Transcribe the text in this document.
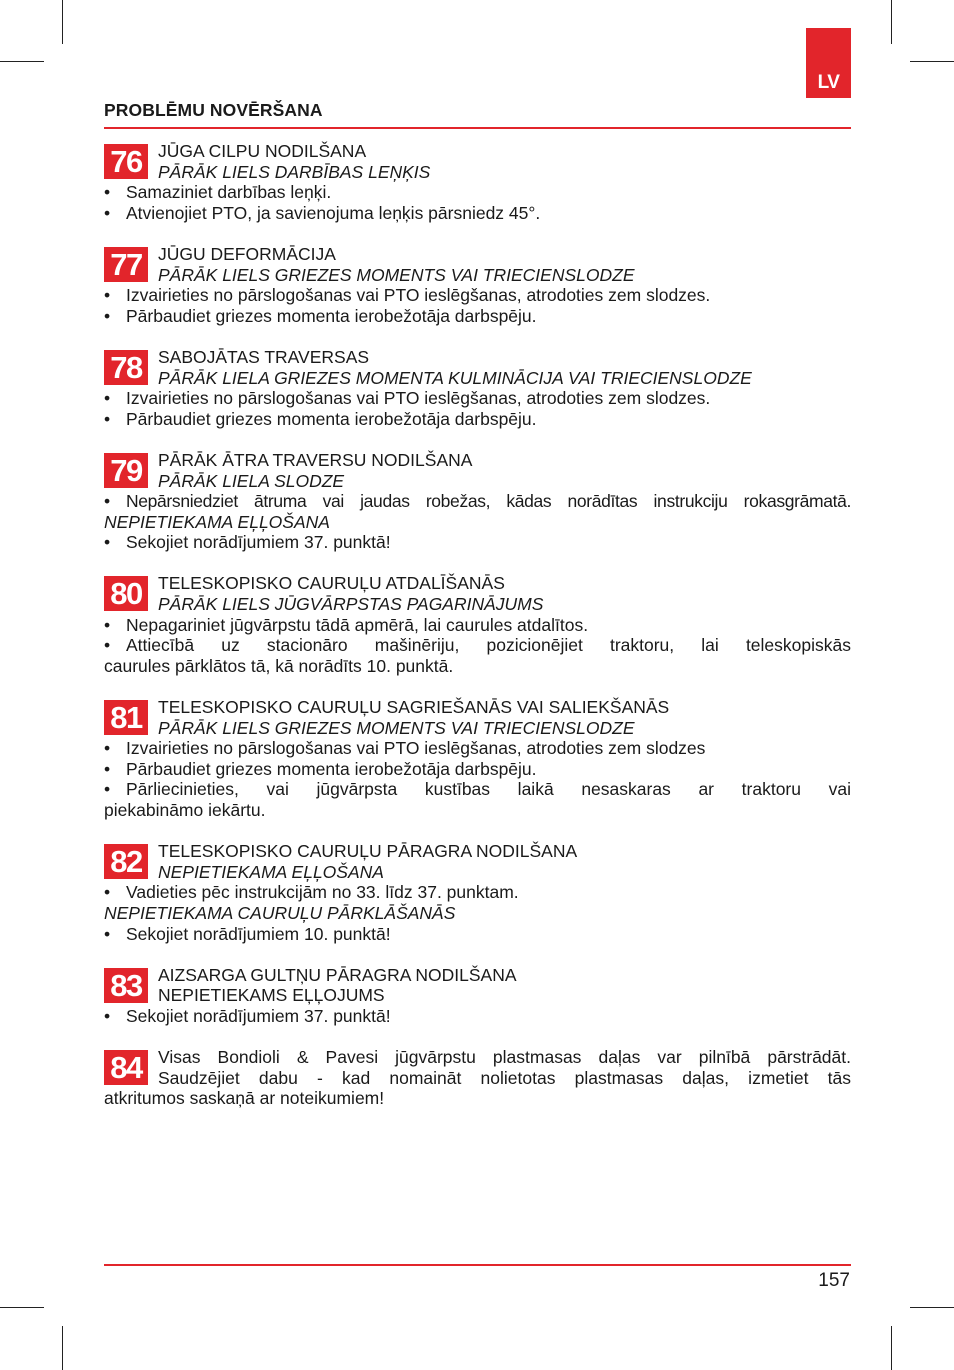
LV
PROBLĒMU NOVĒRŠANA
76 JŪGA CILPU NODILŠANA
PĀRĀK LIELS DARBĪBAS LEŅĶIS
• Samaziniet darbības leņķi.
• Atvienojiet PTO, ja savienojuma leņķis pārsniedz 45°.
77 JŪGU DEFORMĀCIJA
PĀRĀK LIELS GRIEZES MOMENTS VAI TRIECIENSLODZE
• Izvairieties no pārslogošanas vai PTO ieslēgšanas, atrodoties zem slodzes.
• Pārbaudiet griezes momenta ierobežotāja darbspēju.
78 SABOJĀTAS TRAVERSAS
PĀRĀK LIELA GRIEZES MOMENTA KULMINĀCIJA VAI TRIECIENSLODZE
• Izvairieties no pārslogošanas vai PTO ieslēgšanas, atrodoties zem slodzes.
• Pārbaudiet griezes momenta ierobežotāja darbspēju.
79 PĀRĀK ĀTRA TRAVERSU NODILŠANA
PĀRĀK LIELA SLODZE
• Nepārsniedziet ātruma vai jaudas robežas, kādas norādītas instrukciju rokasgrāmatā.
NEPIETIEKAMA EĻĻOŠANA
• Sekojiet norādījumiem 37. punktā!
80 TELESKOPISKO CAURUĻU ATDALĪŠANĀS
PĀRĀK LIELS JŪGVĀRPSTAS PAGARINĀJUMS
• Nepagariniet jūgvārpstu tādā apmērā, lai caurules atdalītos.
• Attiecībā uz stacionāro mašinēriju, pozicionējiet traktoru, lai teleskopiskās
caurules pārklātos tā, kā norādīts 10. punktā.
81 TELESKOPISKO CAURUĻU SAGRIEŠANĀS VAI SALIEKŠANĀS
PĀRĀK LIELS GRIEZES MOMENTS VAI TRIECIENSLODZE
• Izvairieties no pārslogošanas vai PTO ieslēgšanas, atrodoties zem slodzes
• Pārbaudiet griezes momenta ierobežotāja darbspēju.
• Pārliecinieties, vai jūgvārpsta kustības laikā nesaskaras ar traktoru vai
piekabināmo iekārtu.
82 TELESKOPISKO CAURUĻU PĀRAGRA NODILŠANA
NEPIETIEKAMA EĻĻOŠANA
• Vadieties pēc instrukcijām no 33. līdz 37. punktam.
NEPIETIEKAMA CAURUĻU PĀRKLĀŠANĀS
• Sekojiet norādījumiem 10. punktā!
83 AIZSARGA GULTŅU PĀRAGRA NODILŠANA
NEPIETIEKAMS EĻĻOJUMS
• Sekojiet norādījumiem 37. punktā!
84 Visas Bondioli & Pavesi jūgvārpstu plastmasas daļas var pilnībā pārstrādāt.
Saudzējiet dabu - kad nomaināt nolietotas plastmasas daļas, izmetiet tās
atkritumos saskaņā ar noteikumiem!
157
